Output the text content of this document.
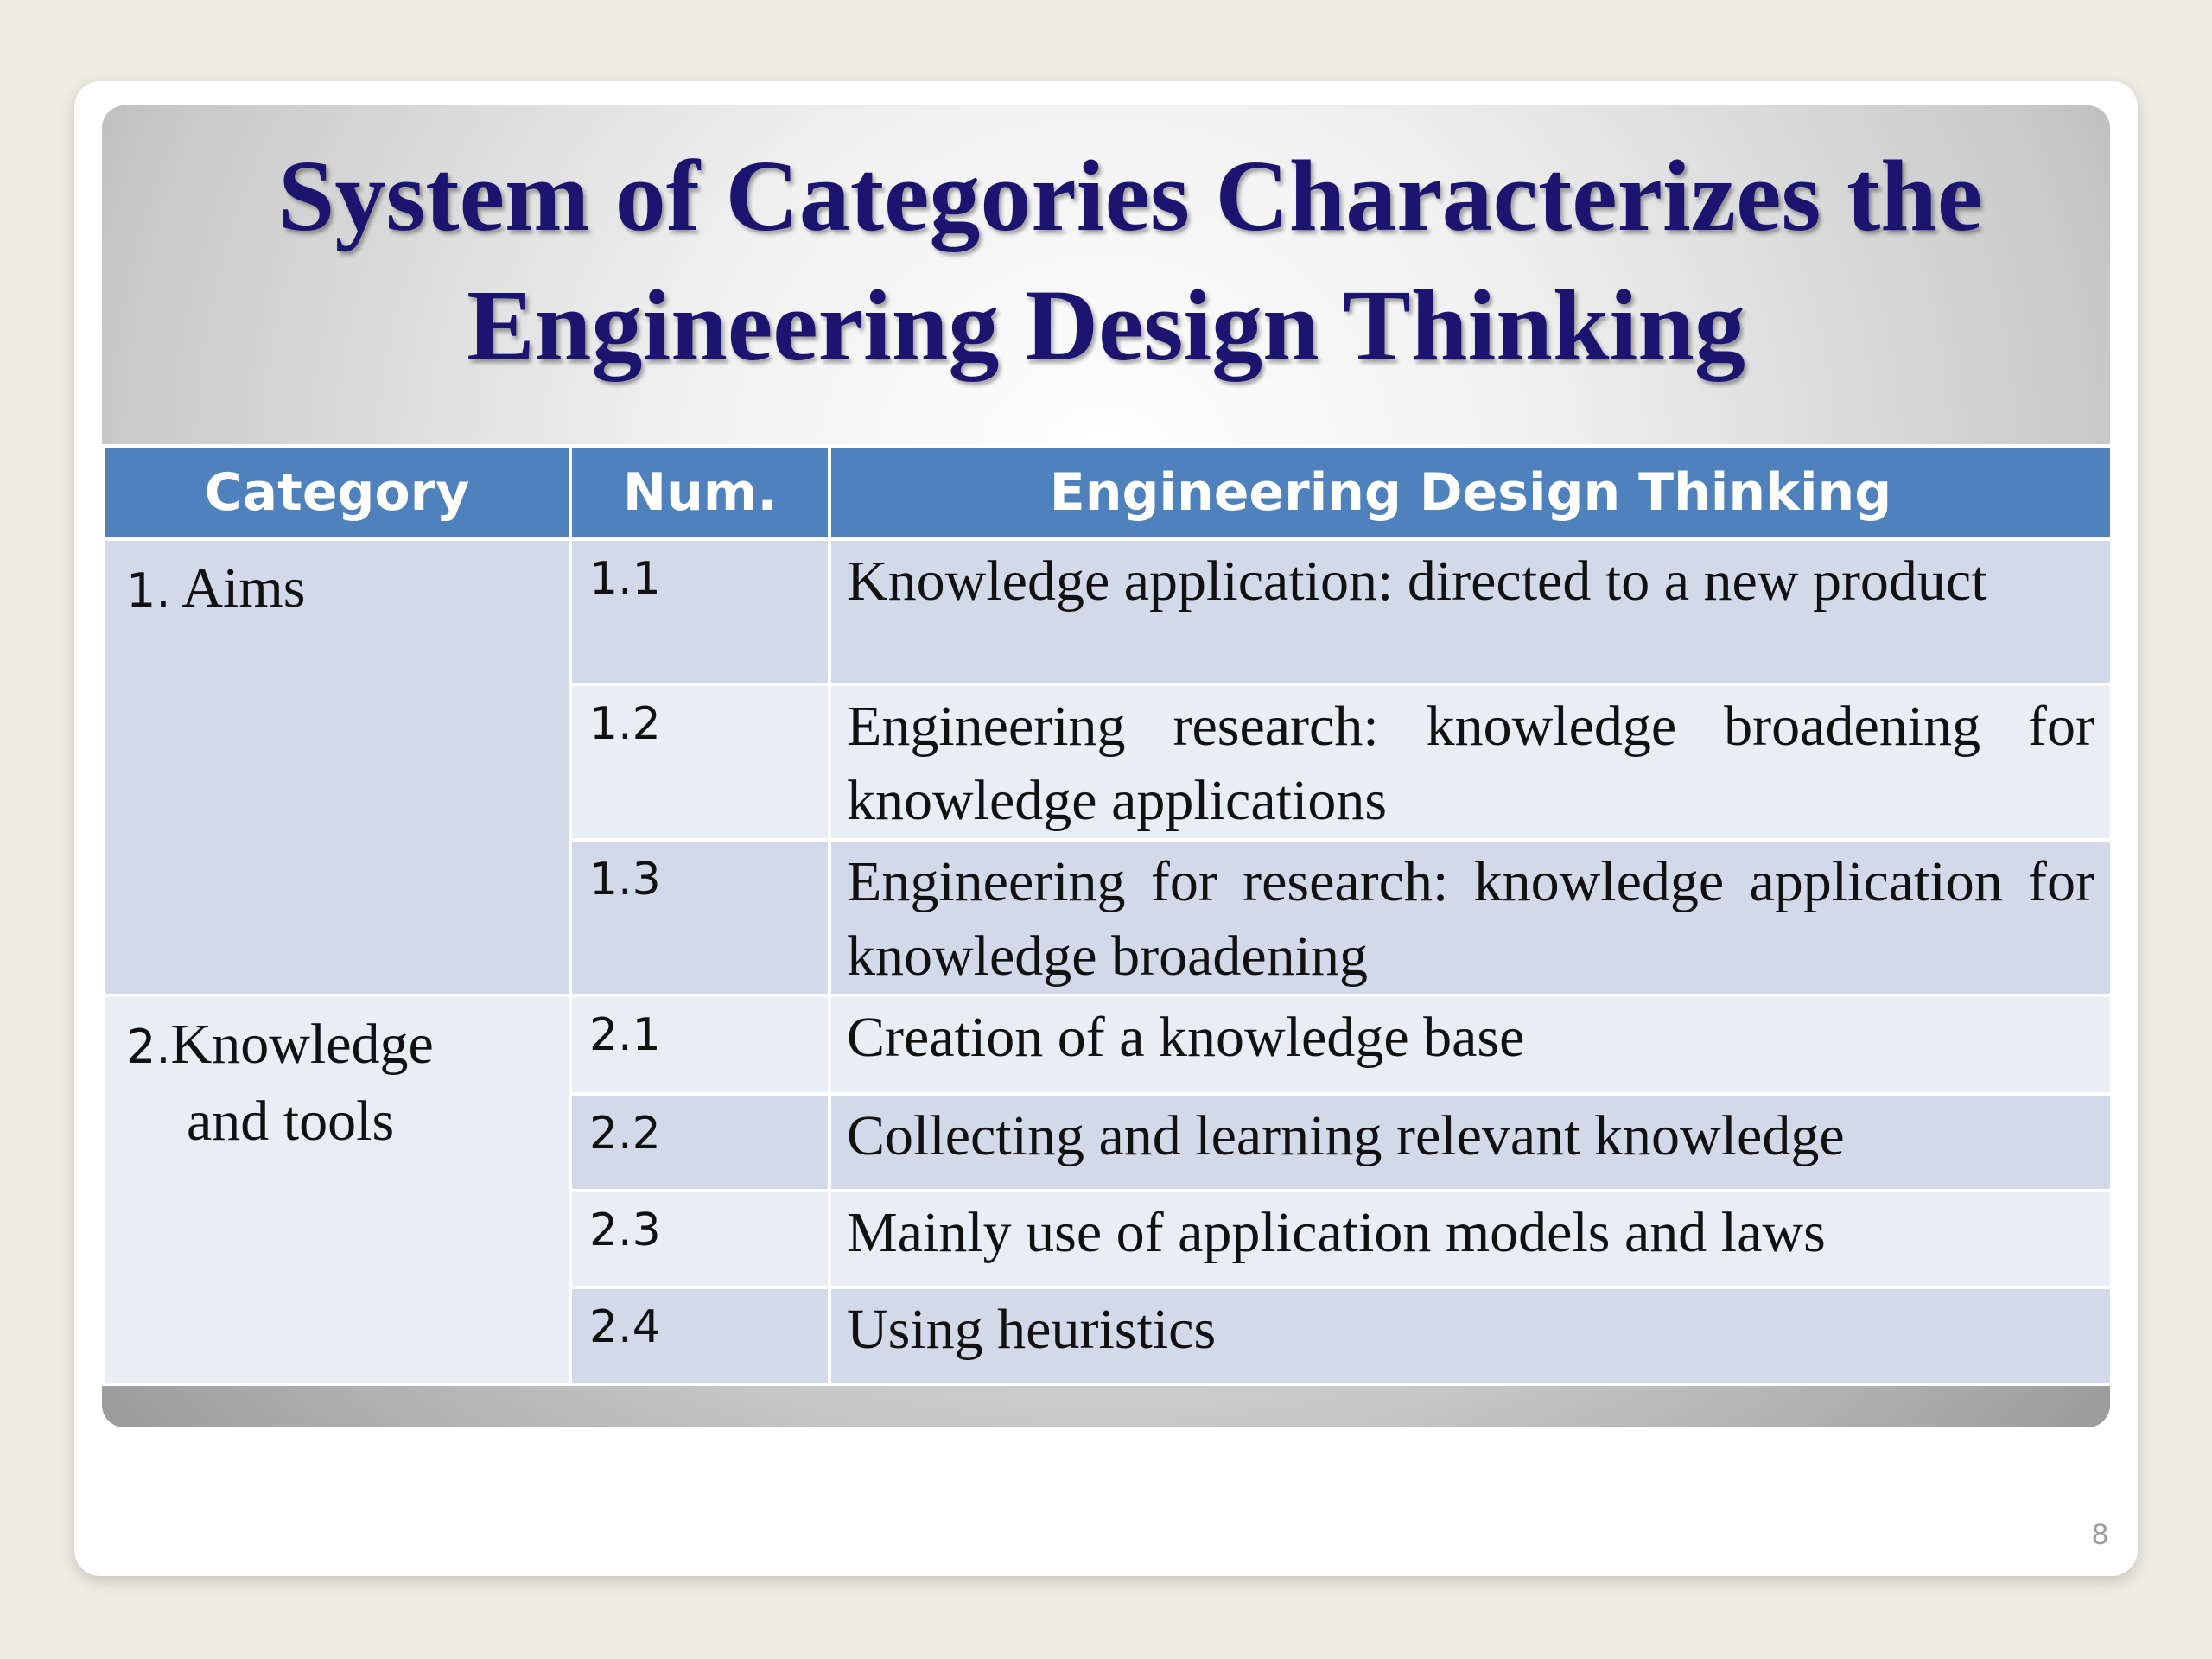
System of Categories Characterizes the
Engineering Design Thinking
Category	Num.	Engineering Design Thinking

1. Aims	1.1	Knowledge application: directed to a new product

	1.2	Engineering research: knowledge broadening for knowledge applications

	1.3	Engineering for research: knowledge application for knowledge broadening

2.Knowledge
and tools	2.1	Creation of a knowledge base

	2.2	Collecting and learning relevant knowledge

	2.3	Mainly use of application models and laws

	2.4	Using heuristics
8
